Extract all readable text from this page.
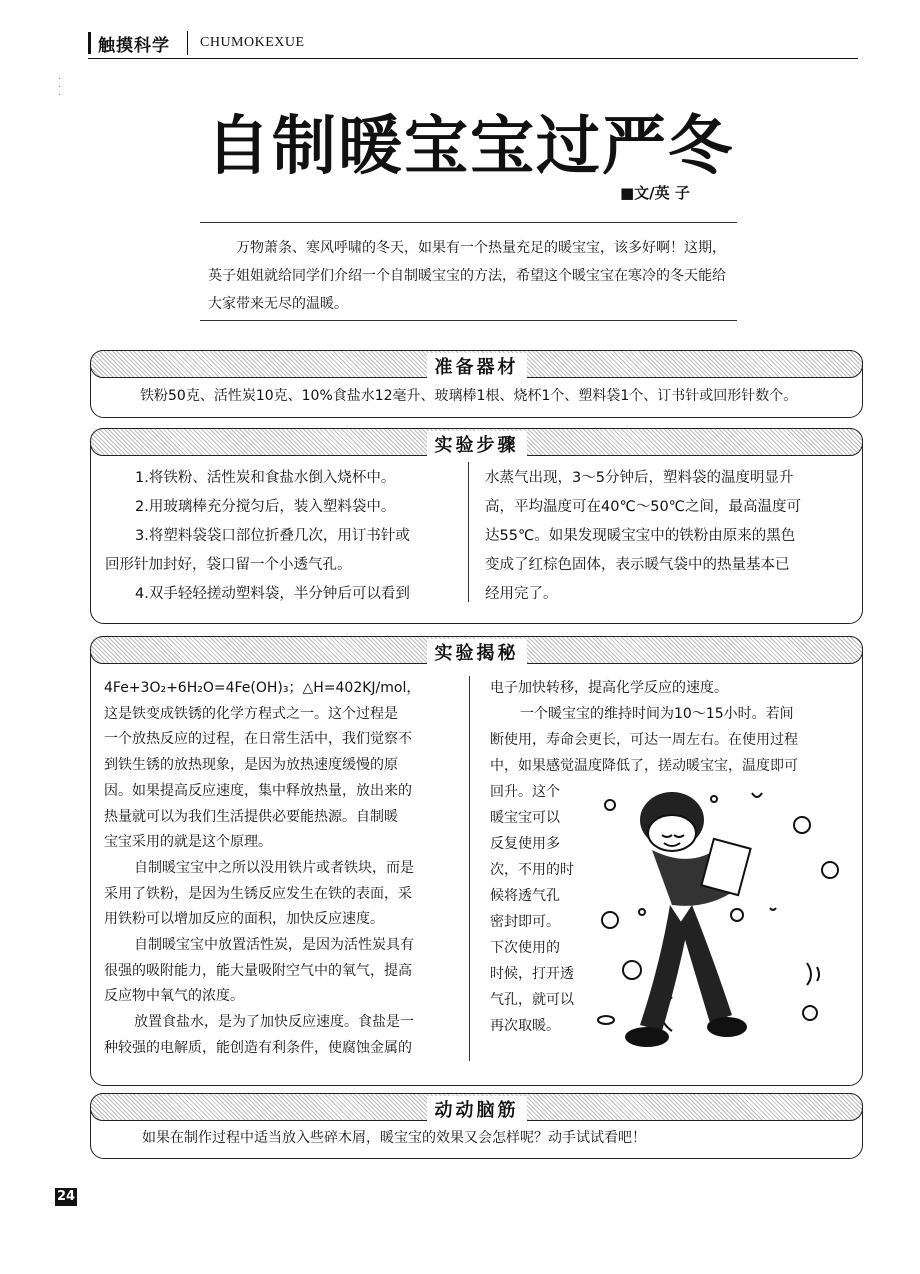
触摸科学 CHUMOKEXUE
·
·
·
自制暖宝宝过严冬
■文/英 子
万物萧条、寒风呼啸的冬天，如果有一个热量充足的暖宝宝，该多好啊！这期，英子姐姐就给同学们介绍一个自制暖宝宝的方法，希望这个暖宝宝在寒冷的冬天能给大家带来无尽的温暖。
准备器材
铁粉50克、活性炭10克、10%食盐水12毫升、玻璃棒1根、烧杯1个、塑料袋1个、订书针或回形针数个。
实验步骤
1.将铁粉、活性炭和食盐水倒入烧杯中。
2.用玻璃棒充分搅匀后，装入塑料袋中。
3.将塑料袋袋口部位折叠几次，用订书针或
回形针加封好，袋口留一个小透气孔。
4.双手轻轻搓动塑料袋，半分钟后可以看到
水蒸气出现，3～5分钟后，塑料袋的温度明显升
高，平均温度可在40℃～50℃之间，最高温度可
达55℃。如果发现暖宝宝中的铁粉由原来的黑色
变成了红棕色固体，表示暖气袋中的热量基本已
经用完了。
实验揭秘
4Fe+3O₂+6H₂O=4Fe(OH)₃；△H=402KJ/mol，
这是铁变成铁锈的化学方程式之一。这个过程是
一个放热反应的过程，在日常生活中，我们觉察不
到铁生锈的放热现象，是因为放热速度缓慢的原
因。如果提高反应速度，集中释放热量，放出来的
热量就可以为我们生活提供必要能热源。自制暖
宝宝采用的就是这个原理。
自制暖宝宝中之所以没用铁片或者铁块，而是
采用了铁粉，是因为生锈反应发生在铁的表面，采
用铁粉可以增加反应的面积，加快反应速度。
自制暖宝宝中放置活性炭，是因为活性炭具有
很强的吸附能力，能大量吸附空气中的氧气，提高
反应物中氧气的浓度。
放置食盐水，是为了加快反应速度。食盐是一
种较强的电解质，能创造有利条件，使腐蚀金属的
电子加快转移，提高化学反应的速度。
一个暖宝宝的维持时间为10～15小时。若间
断使用，寿命会更长，可达一周左右。在使用过程
中，如果感觉温度降低了，搓动暖宝宝，温度即可
回升。这个
暖宝宝可以
反复使用多
次，不用的时
候将透气孔
密封即可。
下次使用的
时候，打开透
气孔，就可以
再次取暖。
动动脑筋
如果在制作过程中适当放入些碎木屑，暖宝宝的效果又会怎样呢？动手试试看吧！
24
